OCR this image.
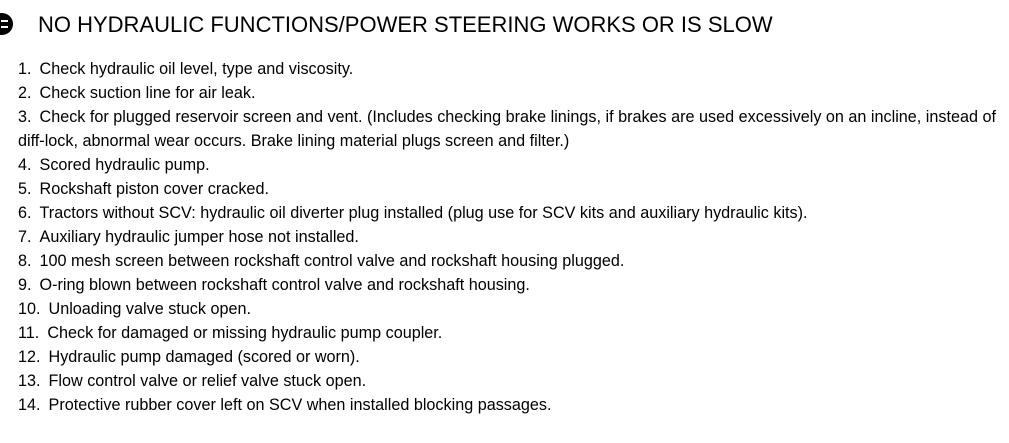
NO HYDRAULIC FUNCTIONS/POWER STEERING WORKS OR IS SLOW
1. Check hydraulic oil level, type and viscosity.
2. Check suction line for air leak.
3. Check for plugged reservoir screen and vent. (Includes checking brake linings, if brakes are used excessively on an incline, instead of diff-lock, abnormal wear occurs. Brake lining material plugs screen and filter.)
4. Scored hydraulic pump.
5. Rockshaft piston cover cracked.
6. Tractors without SCV: hydraulic oil diverter plug installed (plug use for SCV kits and auxiliary hydraulic kits).
7. Auxiliary hydraulic jumper hose not installed.
8. 100 mesh screen between rockshaft control valve and rockshaft housing plugged.
9. O-ring blown between rockshaft control valve and rockshaft housing.
10. Unloading valve stuck open.
11. Check for damaged or missing hydraulic pump coupler.
12. Hydraulic pump damaged (scored or worn).
13. Flow control valve or relief valve stuck open.
14. Protective rubber cover left on SCV when installed blocking passages.
